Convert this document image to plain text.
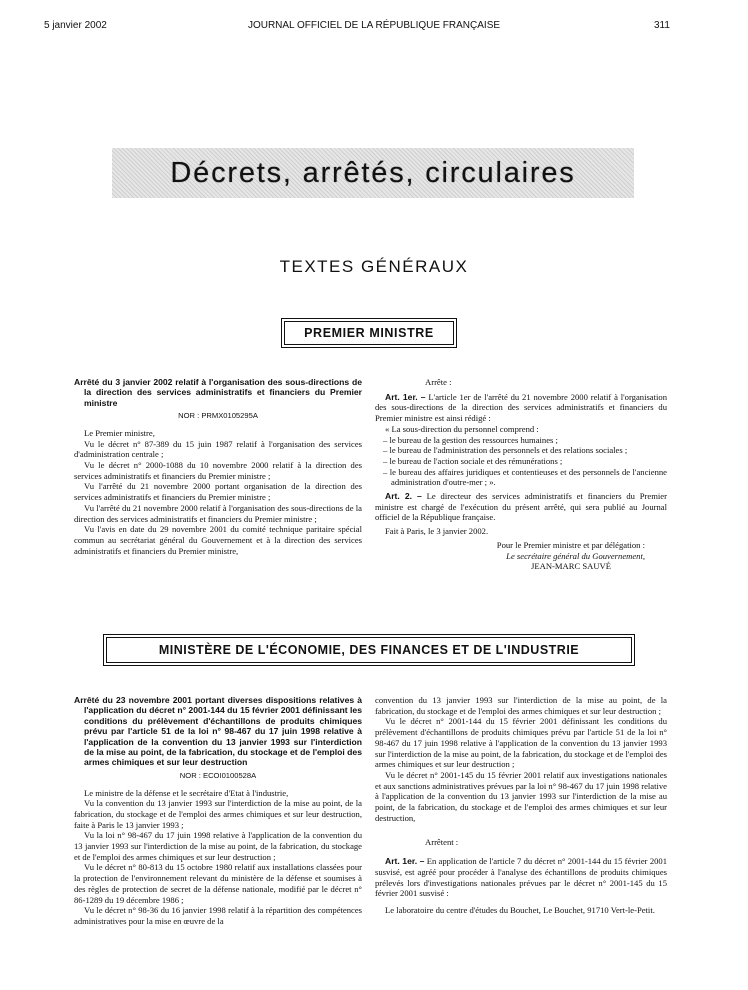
5 janvier 2002	JOURNAL OFFICIEL DE LA RÉPUBLIQUE FRANÇAISE	311
Décrets, arrêtés, circulaires
TEXTES GÉNÉRAUX
PREMIER MINISTRE

Arrêté du 3 janvier 2002 relatif à l'organisation des sous-directions de la direction des services administratifs et financiers du Premier ministre

NOR : PRMX0105295A

Le Premier ministre,

Vu le décret n° 87-389 du 15 juin 1987 relatif à l'organisation des services d'administration centrale ;

Vu le décret n° 2000-1088 du 10 novembre 2000 relatif à la direction des services administratifs et financiers du Premier ministre ;

Vu l'arrêté du 21 novembre 2000 portant organisation de la direction des services administratifs et financiers du Premier ministre ;

Vu l'arrêté du 21 novembre 2000 relatif à l'organisation des sous-directions de la direction des services administratifs et financiers du Premier ministre ;

Vu l'avis en date du 29 novembre 2001 du comité technique paritaire spécial commun au secrétariat général du Gouvernement et à la direction des services administratifs et financiers du Premier ministre,

Arrête :

Art. 1er. – L'article 1er de l'arrêté du 21 novembre 2000 relatif à l'organisation des sous-directions de la direction des services administratifs et financiers du Premier ministre est ainsi rédigé :

« La sous-direction du personnel comprend :

– le bureau de la gestion des ressources humaines ;

– le bureau de l'administration des personnels et des relations sociales ;

– le bureau de l'action sociale et des rémunérations ;

– le bureau des affaires juridiques et contentieuses et des personnels de l'ancienne administration d'outre-mer ; ».

Art. 2. – Le directeur des services administratifs et financiers du Premier ministre est chargé de l'exécution du présent arrêté, qui sera publié au Journal officiel de la République française.

Fait à Paris, le 3 janvier 2002.

Pour le Premier ministre et par délégation :

Le secrétaire général du Gouvernement,

JEAN-MARC SAUVÉ

MINISTÈRE DE L'ÉCONOMIE, DES FINANCES ET DE L'INDUSTRIE

Arrêté du 23 novembre 2001 portant diverses dispositions relatives à l'application du décret n° 2001-144 du 15 février 2001 définissant les conditions du prélèvement d'échantillons de produits chimiques prévu par l'article 51 de la loi n° 98-467 du 17 juin 1998 relative à l'application de la convention du 13 janvier 1993 sur l'interdiction de la mise au point, de la fabrication, du stockage et de l'emploi des armes chimiques et sur leur destruction

NOR : ECOI0100528A

Le ministre de la défense et le secrétaire d'Etat à l'industrie,

Vu la convention du 13 janvier 1993 sur l'interdiction de la mise au point, de la fabrication, du stockage et de l'emploi des armes chimiques et sur leur destruction, faite à Paris le 13 janvier 1993 ;

Vu la loi n° 98-467 du 17 juin 1998 relative à l'application de la convention du 13 janvier 1993 sur l'interdiction de la mise au point, de la fabrication, du stockage et de l'emploi des armes chimiques et sur leur destruction ;

Vu le décret n° 80-813 du 15 octobre 1980 relatif aux installations classées pour la protection de l'environnement relevant du ministère de la défense et soumises à des règles de protection de secret de la défense nationale, modifié par le décret n° 86-1289 du 19 décembre 1986 ;

Vu le décret n° 98-36 du 16 janvier 1998 relatif à la répartition des compétences administratives pour la mise en œuvre de la

convention du 13 janvier 1993 sur l'interdiction de la mise au point, de la fabrication, du stockage et de l'emploi des armes chimiques et sur leur destruction ;

Vu le décret n° 2001-144 du 15 février 2001 définissant les conditions du prélèvement d'échantillons de produits chimiques prévu par l'article 51 de la loi n° 98-467 du 17 juin 1998 relative à l'application de la convention du 13 janvier 1993 sur l'interdiction de la mise au point, de la fabrication, du stockage et de l'emploi des armes chimiques et sur leur destruction ;

Vu le décret n° 2001-145 du 15 février 2001 relatif aux investigations nationales et aux sanctions administratives prévues par la loi n° 98-467 du 17 juin 1998 relative à l'application de la convention du 13 janvier 1993 sur l'interdiction de la mise au point, de la fabrication, du stockage et de l'emploi des armes chimiques et sur leur destruction,

Arrêtent :

Art. 1er. – En application de l'article 7 du décret n° 2001-144 du 15 février 2001 susvisé, est agréé pour procéder à l'analyse des échantillons de produits chimiques prélevés lors d'investigations nationales prévues par le décret n° 2001-145 du 15 février 2001 susvisé :

Le laboratoire du centre d'études du Bouchet, Le Bouchet, 91710 Vert-le-Petit.
